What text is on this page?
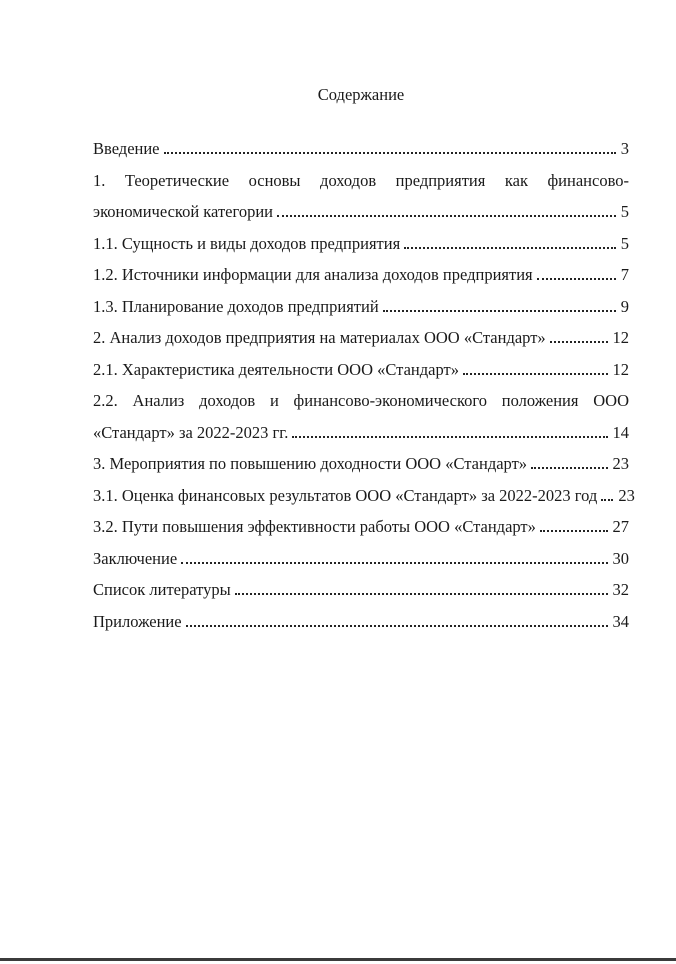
Содержание
Введение	3
1. Теоретические основы доходов предприятия как финансово-
экономической категории	5
1.1. Сущность и виды доходов предприятия	5
1.2. Источники информации для анализа доходов предприятия	7
1.3. Планирование доходов предприятий	9
2. Анализ доходов предприятия на материалах ООО «Стандарт»	12
2.1. Характеристика деятельности ООО «Стандарт»	12
2.2. Анализ доходов и финансово-экономического положения ООО
«Стандарт» за 2022-2023 гг.	14
3. Мероприятия по повышению доходности ООО «Стандарт»	23
3.1. Оценка финансовых результатов ООО «Стандарт» за 2022-2023 год 23
3.2. Пути повышения эффективности работы ООО «Стандарт»	27
Заключение	30
Список литературы	32
Приложение	34
